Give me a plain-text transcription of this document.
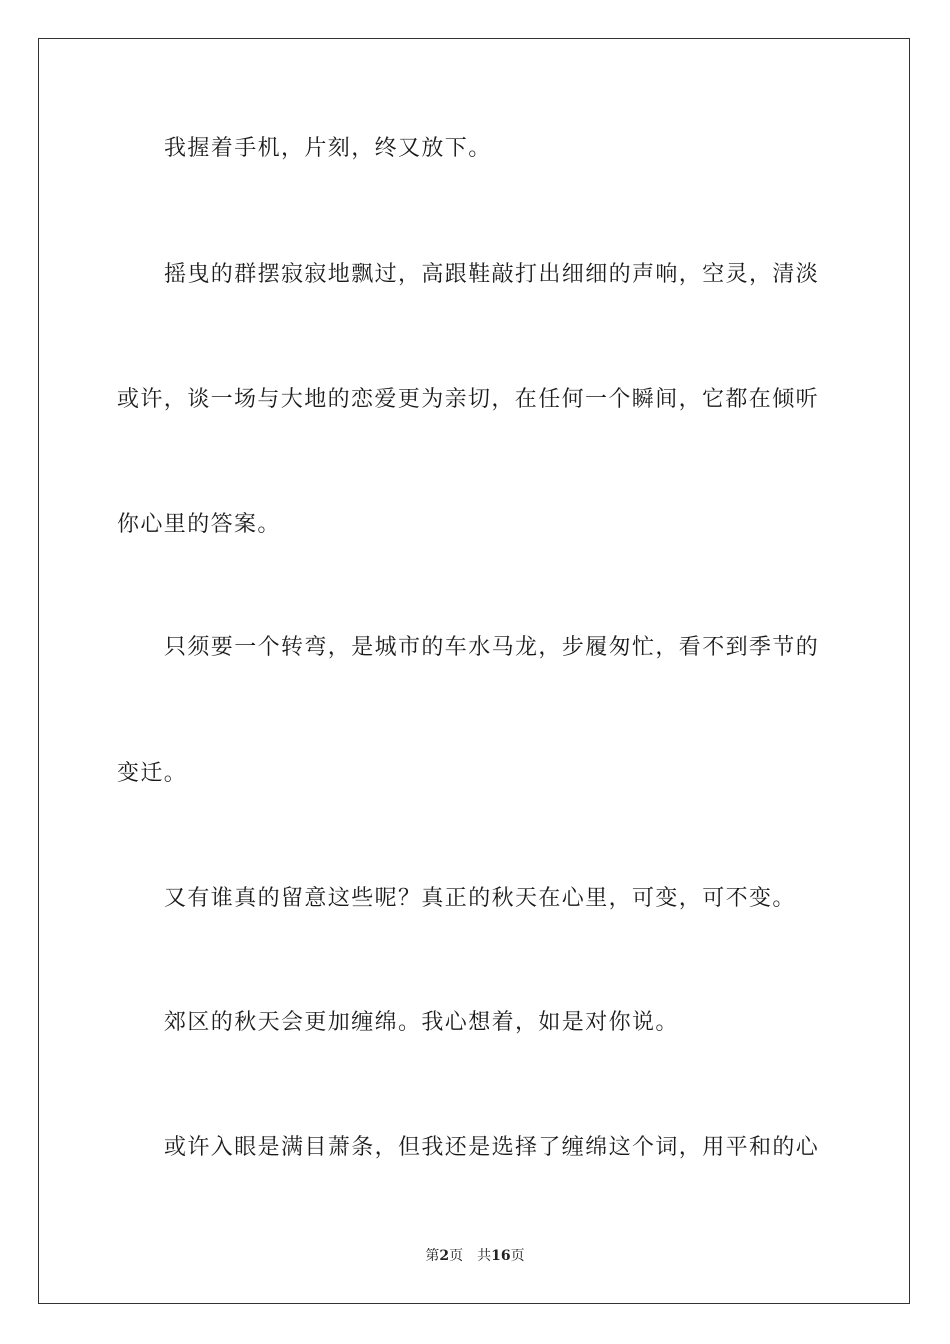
我握着手机，片刻，终又放下。
摇曳的群摆寂寂地飘过，高跟鞋敲打出细细的声响，空灵，清淡
或许，谈一场与大地的恋爱更为亲切，在任何一个瞬间，它都在倾听
你心里的答案。
只须要一个转弯，是城市的车水马龙，步履匆忙，看不到季节的
变迁。
又有谁真的留意这些呢？真正的秋天在心里，可变，可不变。
郊区的秋天会更加缠绵。我心想着，如是对你说。
或许入眼是满目萧条，但我还是选择了缠绵这个词，用平和的心
第2页 共16页
